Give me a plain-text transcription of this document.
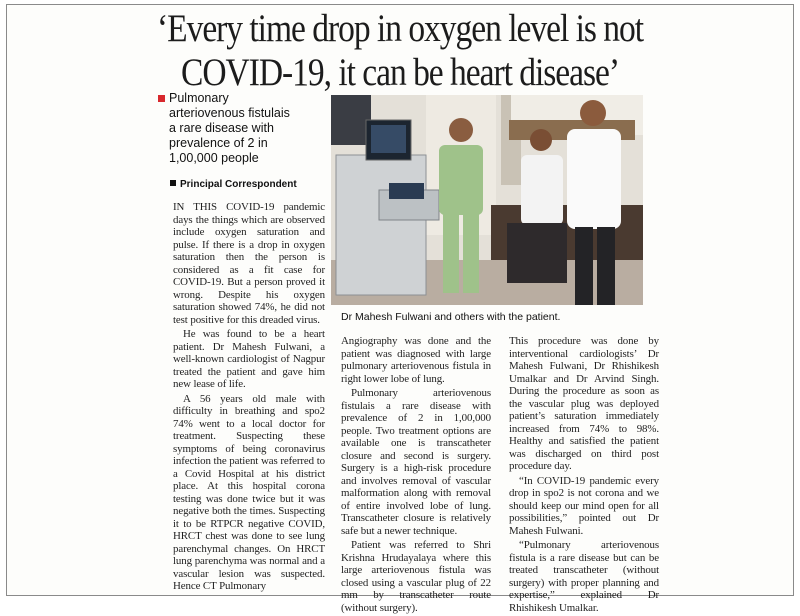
‘Every time drop in oxygen level is not
COVID-19, it can be heart disease’
Pulmonary
arteriovenous fistulais
a rare disease with
prevalence of 2 in
1,00,000 people
Principal Correspondent
Dr Mahesh Fulwani and others with the patient.

IN THIS COVID-19 pandemic days the things which are observed include oxygen saturation and pulse. If there is a drop in oxygen saturation then the person is considered as a fit case for COVID-19. But a person proved it wrong. Despite his oxygen saturation showed 74%, he did not test positive for this dreaded virus.

He was found to be a heart patient. Dr Mahesh Fulwani, a well-known cardiologist of Nagpur treated the patient and gave him new lease of life.

A 56 years old male with difficulty in breathing and spo2 74% went to a local doctor for treatment. Suspecting these symptoms of being coronavirus infection the patient was referred to a Covid Hospital at his district place. At this hospital corona testing was done twice but it was negative both the times. Suspecting it to be RTPCR negative COVID, HRCT chest was done to see lung parenchymal changes. On HRCT lung parenchyma was normal and a vascular lesion was suspected. Hence CT Pulmonary

Angiography was done and the patient was diagnosed with large pulmonary arteriovenous fistula in right lower lobe of lung.

Pulmonary arteriovenous fistulais a rare disease with prevalence of 2 in 1,00,000 people. Two treatment options are available one is transcatheter closure and second is surgery. Surgery is a high-risk procedure and involves removal of vascular malformation along with removal of entire involved lobe of lung. Transcatheter closure is relatively safe but a newer technique.

Patient was referred to Shri Krishna Hrudayalaya where this large arteriovenous fistula was closed using a vascular plug of 22 mm by transcatheter route (without surgery).

This procedure was done by interventional cardiologists’ Dr Mahesh Fulwani, Dr Rhishikesh Umalkar and Dr Arvind Singh. During the procedure as soon as the vascular plug was deployed patient’s saturation immediately increased from 74% to 98%. Healthy and satisfied the patient was discharged on third post procedure day.

“In COVID-19 pandemic every drop in spo2 is not corona and we should keep our mind open for all possibilities,” pointed out Dr Mahesh Fulwani.

“Pulmonary arteriovenous fistula is a rare disease but can be treated transcatheter (without surgery) with proper planning and expertise,” explained Dr Rhishikesh Umalkar.
